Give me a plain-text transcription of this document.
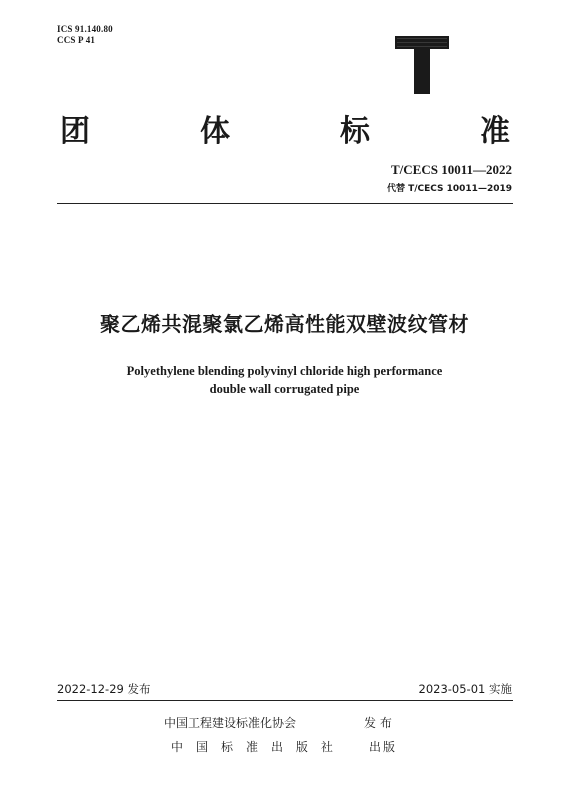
ICS 91.140.80
CCS P 41
团	体	标	准
T/CECS 10011—2022
代替 T/CECS 10011—2019
聚乙烯共混聚氯乙烯高性能双壁波纹管材
Polyethylene blending polyvinyl chloride high performance
double wall corrugated pipe
2022-12-29 发布	2023-05-01 实施
中国工程建设标准化协会	发 布
中 国 标 准 出 版 社	出 版
